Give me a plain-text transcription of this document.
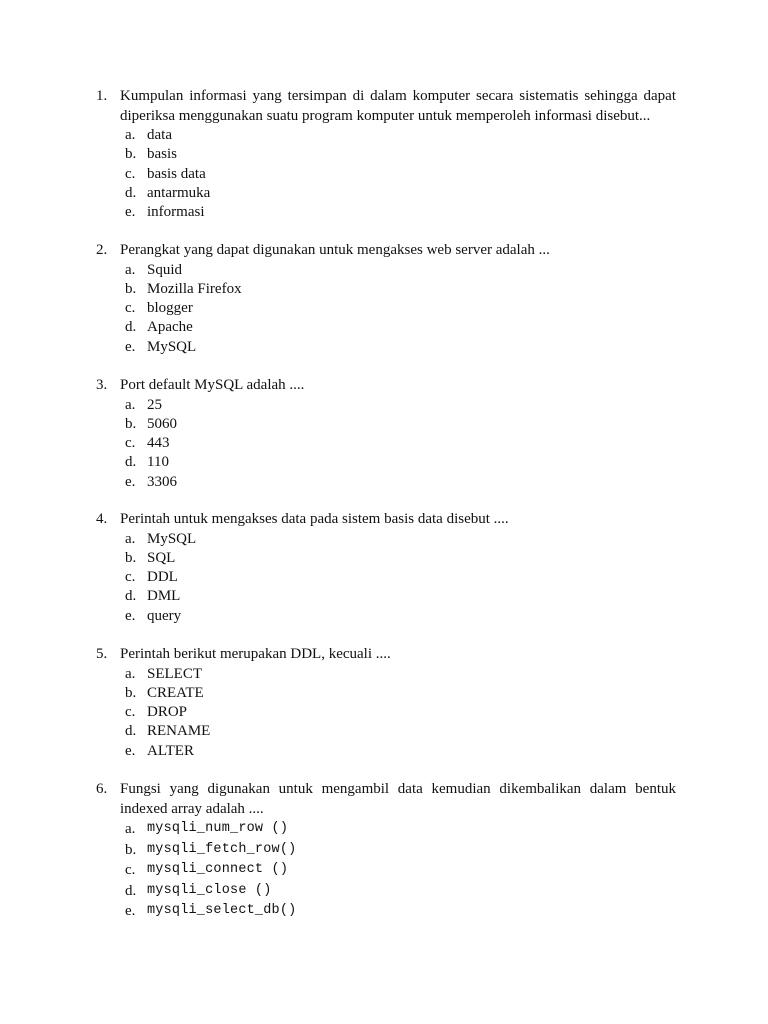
1. Kumpulan informasi yang tersimpan di dalam komputer secara sistematis sehingga dapat diperiksa menggunakan suatu program komputer untuk memperoleh informasi disebut...
a. data
b. basis
c. basis data
d. antarmuka
e. informasi
2. Perangkat yang dapat digunakan untuk mengakses web server adalah ...
a. Squid
b. Mozilla Firefox
c. blogger
d. Apache
e. MySQL
3. Port default MySQL adalah ....
a. 25
b. 5060
c. 443
d. 110
e. 3306
4. Perintah untuk mengakses data pada sistem basis data disebut ....
a. MySQL
b. SQL
c. DDL
d. DML
e. query
5. Perintah berikut merupakan DDL, kecuali ....
a. SELECT
b. CREATE
c. DROP
d. RENAME
e. ALTER
6. Fungsi yang digunakan untuk mengambil data kemudian dikembalikan dalam bentuk indexed array adalah ....
a. mysqli_num_row ()
b. mysqli_fetch_row()
c. mysqli_connect ()
d. mysqli_close ()
e. mysqli_select_db()
